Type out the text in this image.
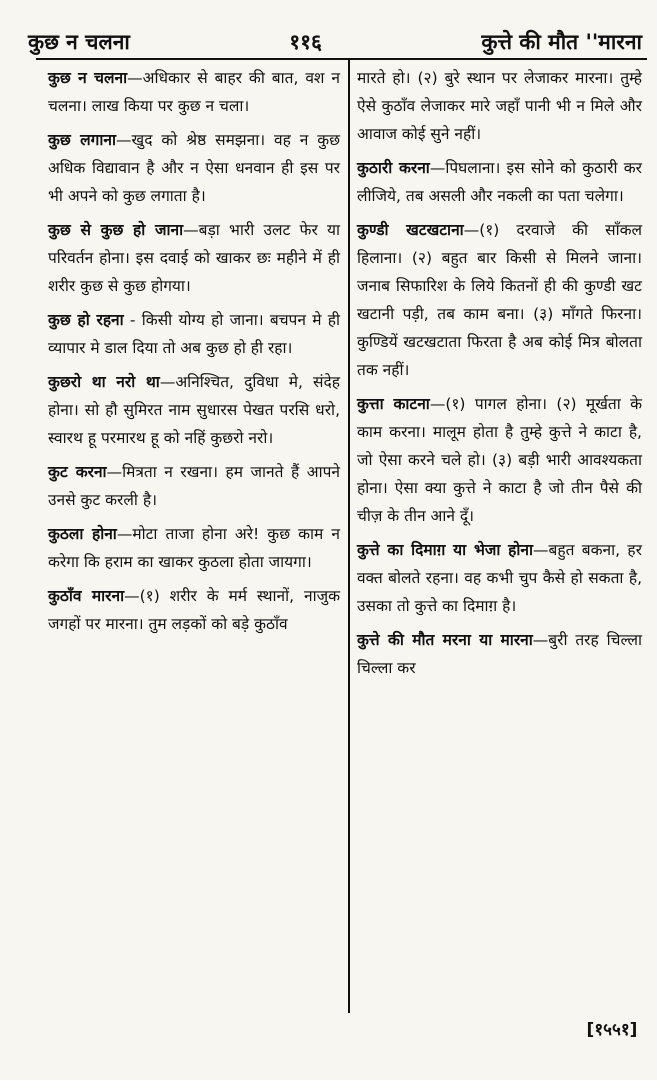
कुछ न चलना	११६	कुत्ते की मौत ''मारना

कुछ न चलना—अधिकार से बाहर की बात, वश न चलना। लाख किया पर कुछ न चला।

कुछ लगाना—खुद को श्रेष्ठ समझना। वह न कुछ अधिक विद्यावान है और न ऐसा धनवान ही इस पर भी अपने को कुछ लगाता है।

कुछ से कुछ हो जाना—बड़ा भारी उलट फेर या परिवर्तन होना। इस दवाई को खाकर छः महीने में ही शरीर कुछ से कुछ होगया।

कुछ हो रहना - किसी योग्य हो जाना। बचपन मे ही व्यापार मे डाल दिया तो अब कुछ हो ही रहा।

कुछरो था नरो था—अनिश्चित, दुविधा मे, संदेह होना। सो हौ सुमिरत नाम सुधारस पेखत परसि धरो, स्वारथ हू परमारथ हू को नहिं कुछरो नरो।

कुट करना—मित्रता न रखना। हम जानते हैं आपने उनसे कुट करली है।

कुठला होना—मोटा ताजा होना अरे! कुछ काम न करेगा कि हराम का खाकर कुठला होता जायगा।

कुठाँव मारना—(१) शरीर के मर्म स्थानों, नाजुक जगहों पर मारना। तुम लड़कों को बड़े कुठाँव

मारते हो। (२) बुरे स्थान पर लेजाकर मारना। तुम्हे ऐसे कुठाँव लेजाकर मारे जहाँ पानी भी न मिले और आवाज कोई सुने नहीं।

कुठारी करना—पिघलाना। इस सोने को कुठारी कर लीजिये, तब असली और नकली का पता चलेगा।

कुण्डी खटखटाना—(१) दरवाजे की साँकल हिलाना। (२) बहुत बार किसी से मिलने जाना। जनाब सिफारिश के लिये कितनों ही की कुण्डी खट खटानी पड़ी, तब काम बना। (३) माँगते फिरना। कुण्डियें खटखटाता फिरता है अब कोई मित्र बोलता तक नहीं।

कुत्ता काटना—(१) पागल होना। (२) मूर्खता के काम करना। मालूम होता है तुम्हे कुत्ते ने काटा है, जो ऐसा करने चले हो। (३) बड़ी भारी आवश्यकता होना। ऐसा क्या कुत्ते ने काटा है जो तीन पैसे की चीज़ के तीन आने दूँ।

कुत्ते का दिमाग़ या भेजा होना—बहुत बकना, हर वक्त बोलते रहना। वह कभी चुप कैसे हो सकता है, उसका तो कुत्ते का दिमाग़ है।

कुत्ते की मौत मरना या मारना—बुरी तरह चिल्ला चिल्ला कर

[१५५१]
